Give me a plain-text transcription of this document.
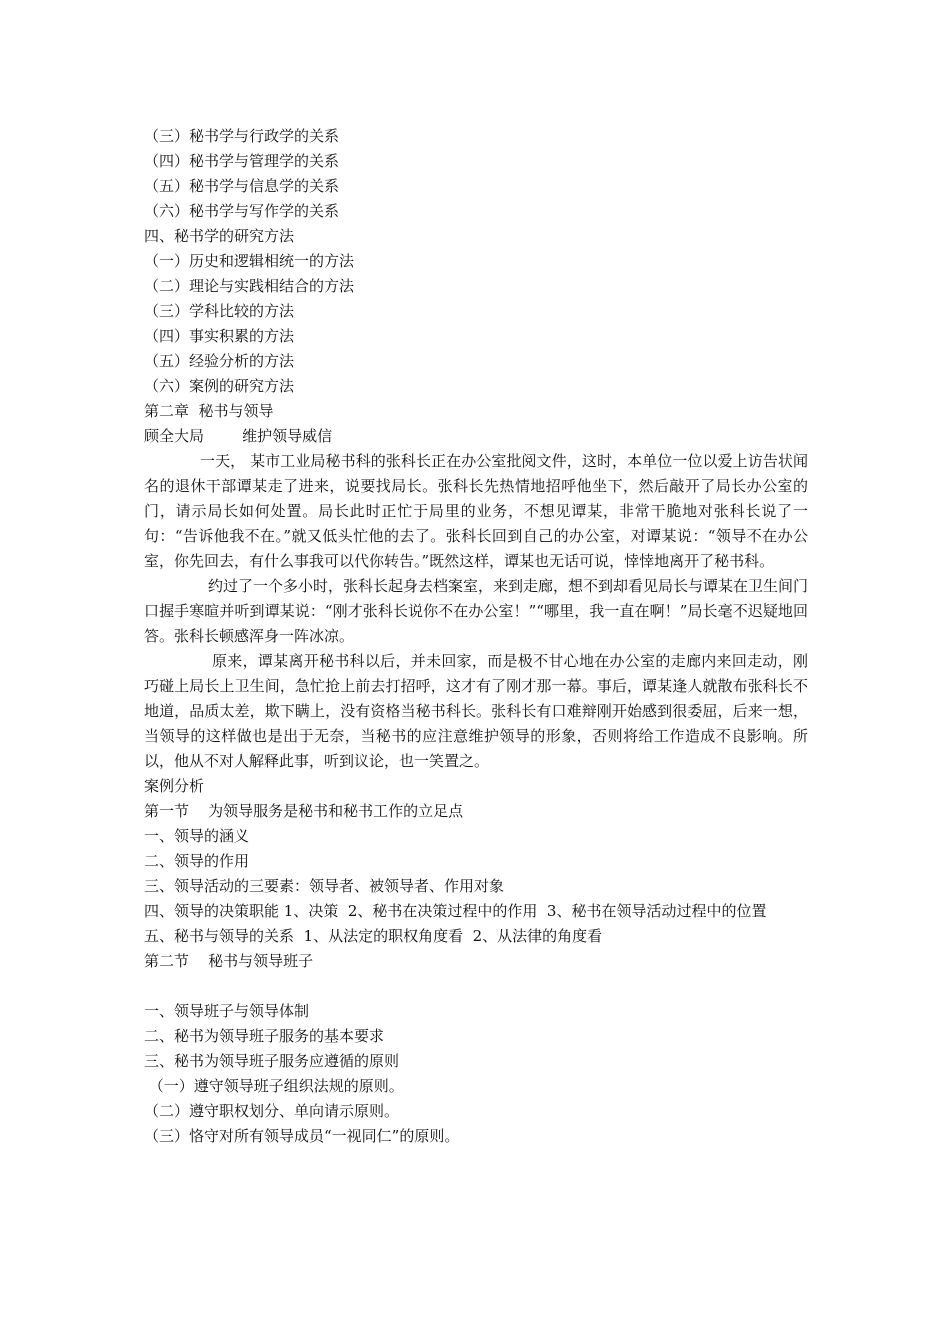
（三）秘书学与行政学的关系
（四）秘书学与管理学的关系
（五）秘书学与信息学的关系
（六）秘书学与写作学的关系
四、秘书学的研究方法
（一）历史和逻辑相统一的方法
（二）理论与实践相结合的方法
（三）学科比较的方法
（四）事实积累的方法
（五）经验分析的方法
（六）案例的研究方法
第二章  秘书与领导
顾全大局        维护领导威信
一天， 某市工业局秘书科的张科长正在办公室批阅文件，这时，本单位一位以爱上访告状闻名的退休干部谭某走了进来，说要找局长。张科长先热情地招呼他坐下，然后敲开了局长办公室的门，请示局长如何处置。局长此时正忙于局里的业务，不想见谭某，非常干脆地对张科长说了一句：“告诉他我不在。”就又低头忙他的去了。张科长回到自己的办公室，对谭某说：“领导不在办公室，你先回去，有什么事我可以代你转告。”既然这样，谭某也无话可说，悻悻地离开了秘书科。
约过了一个多小时，张科长起身去档案室，来到走廊，想不到却看见局长与谭某在卫生间门口握手寒暄并听到谭某说：“刚才张科长说你不在办公室！”“哪里，我一直在啊！”局长毫不迟疑地回答。张科长顿感浑身一阵冰凉。
原来，谭某离开秘书科以后，并未回家，而是极不甘心地在办公室的走廊内来回走动，刚巧碰上局长上卫生间，急忙抢上前去打招呼，这才有了刚才那一幕。事后，谭某逢人就散布张科长不地道，品质太差，欺下瞒上，没有资格当秘书科长。张科长有口难辩刚开始感到很委屈，后来一想，当领导的这样做也是出于无奈，当秘书的应注意维护领导的形象，否则将给工作造成不良影响。所以，他从不对人解释此事，听到议论，也一笑置之。
案例分析
第一节    为领导服务是秘书和秘书工作的立足点
一、领导的涵义
二、领导的作用
三、领导活动的三要素：领导者、被领导者、作用对象
四、领导的决策职能 1、决策  2、秘书在决策过程中的作用  3、秘书在领导活动过程中的位置
五、秘书与领导的关系  1、从法定的职权角度看  2、从法律的角度看
第二节    秘书与领导班子
一、领导班子与领导体制
二、秘书为领导班子服务的基本要求
三、秘书为领导班子服务应遵循的原则
（一）遵守领导班子组织法规的原则。
（二）遵守职权划分、单向请示原则。
（三）恪守对所有领导成员“一视同仁”的原则。
